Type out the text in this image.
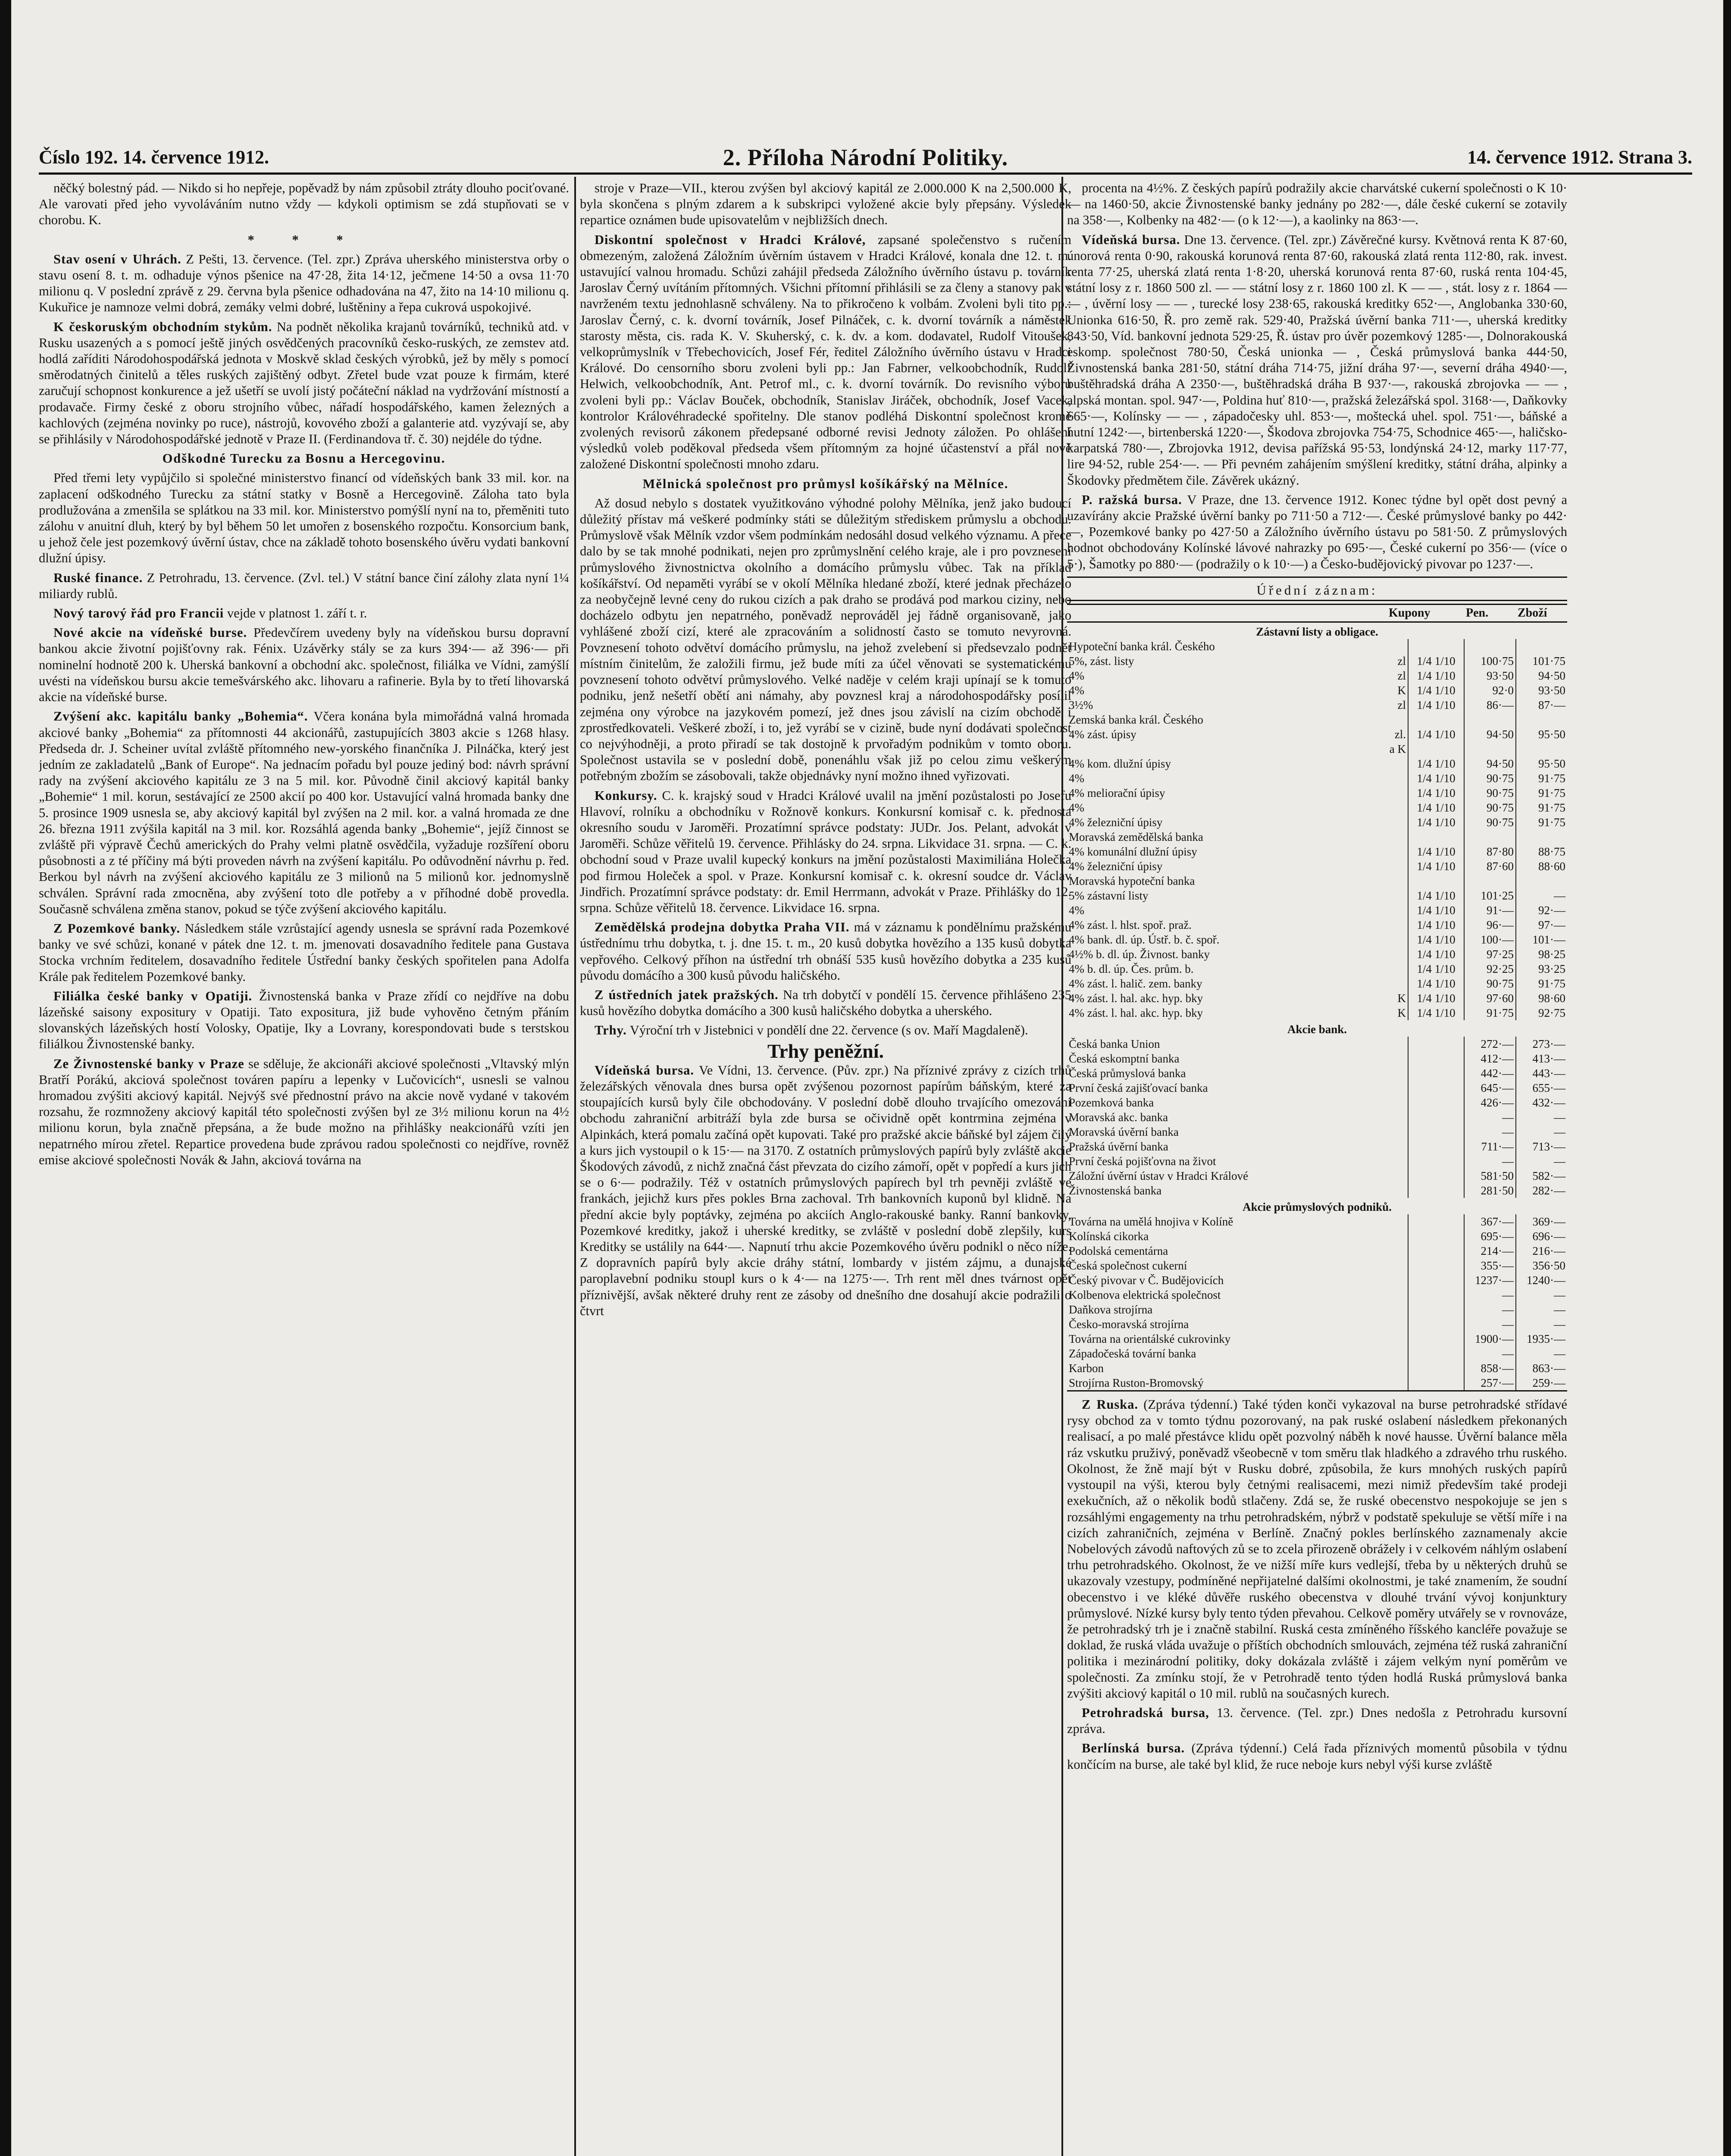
Číslo 192. 14. července 1912.	2. Příloha Národní Politiky.	14. července 1912. Strana 3.

něčký bolestný pád. — Nikdo si ho nepřeje, popěvadž by nám způsobil ztráty dlouho pociťované. Ale varovati před jeho vyvoláváním nutno vždy — kdykoli optimism se zdá stupňovati se v chorobu. K.

* * *

Stav osení v Uhrách. Z Pešti, 13. července. (Tel. zpr.) Zpráva uherského ministerstva orby o stavu osení 8. t. m. odhaduje výnos pšenice na 47·28, žita 14·12, ječmene 14·50 a ovsa 11·70 milionu q. V poslední zprávě z 29. června byla pšenice odhadována na 47, žito na 14·10 milionu q. Kukuřice je namnoze velmi dobrá, zemáky velmi dobré, luštěniny a řepa cukrová uspokojivé.

K českoruským obchodním stykům. Na podnět několika krajanů továrníků, techniků atd. v Rusku usazených a s pomocí ještě jiných osvědčených pracovníků česko-ruských, ze zemstev atd. hodlá zaříditi Národohospodářská jednota v Moskvě sklad českých výrobků, jež by měly s pomocí směrodatných činitelů a těles ruských zajištěný odbyt. Zřetel bude vzat pouze k firmám, které zaručují schopnost konkurence a jež ušetří se uvolí jistý počáteční náklad na vydržování místností a prodavače. Firmy české z oboru strojního vůbec, nářadí hospodářského, kamen železných a kachlových (zejména novinky po ruce), nástrojů, kovového zboží a galanterie atd. vyzývají se, aby se přihlásily v Národohospodářské jednotě v Praze II. (Ferdinandova tř. č. 30) nejdéle do týdne.

Odškodné Turecku za Bosnu a Hercegovinu.

Před třemi lety vypůjčilo si společné ministerstvo financí od vídeňských bank 33 mil. kor. na zaplacení odškodného Turecku za státní statky v Bosně a Hercegovině. Záloha tato byla prodlužována a zmenšila se splátkou na 33 mil. kor. Ministerstvo pomýšlí nyní na to, přeměniti tuto zálohu v anuitní dluh, který by byl během 50 let umořen z bosenského rozpočtu. Konsorcium bank, u jehož čele jest pozemkový úvěrní ústav, chce na základě tohoto bosenského úvěru vydati bankovní dlužní úpisy.

Ruské finance. Z Petrohradu, 13. července. (Zvl. tel.) V státní bance činí zálohy zlata nyní 1¼ miliardy rublů.

Nový tarový řád pro Francii vejde v platnost 1. září t. r.

Nové akcie na vídeňské burse. Předevčírem uvedeny byly na vídeňskou bursu dopravní bankou akcie životní pojišťovny rak. Fénix. Uzávěrky stály se za kurs 394·— až 396·— při nominelní hodnotě 200 k. Uherská bankovní a obchodní akc. společnost, filiálka ve Vídni, zamýšlí uvésti na vídeňskou bursu akcie temešvárského akc. lihovaru a rafinerie. Byla by to třetí lihovarská akcie na vídeňské burse.

Zvýšení akc. kapitálu banky „Bohemia“. Včera konána byla mimořádná valná hromada akciové banky „Bohemia“ za přítomnosti 44 akcionářů, zastupujících 3803 akcie s 1268 hlasy. Předseda dr. J. Scheiner uvítal zvláště přítomného new-yorského finančníka J. Pilnáčka, který jest jedním ze zakladatelů „Bank of Europe“. Na jednacím pořadu byl pouze jediný bod: návrh správní rady na zvýšení akciového kapitálu ze 3 na 5 mil. kor. Původně činil akciový kapitál banky „Bohemie“ 1 mil. korun, sestávající ze 2500 akcií po 400 kor. Ustavující valná hromada banky dne 5. prosince 1909 usnesla se, aby akciový kapitál byl zvýšen na 2 mil. kor. a valná hromada ze dne 26. března 1911 zvýšila kapitál na 3 mil. kor. Rozsáhlá agenda banky „Bohemie“, jejíž činnost se zvláště při výpravě Čechů amerických do Prahy velmi platně osvědčila, vyžaduje rozšíření oboru působnosti a z té příčiny má býti proveden návrh na zvýšení kapitálu. Po odůvodnění návrhu p. řed. Berkou byl návrh na zvýšení akciového kapitálu ze 3 milionů na 5 milionů kor. jednomyslně schválen. Správní rada zmocněna, aby zvýšení toto dle potřeby a v příhodné době provedla. Současně schválena změna stanov, pokud se týče zvýšení akciového kapitálu.

Z Pozemkové banky. Následkem stále vzrůstající agendy usnesla se správní rada Pozemkové banky ve své schůzi, konané v pátek dne 12. t. m. jmenovati dosavadního ředitele pana Gustava Stocka vrchním ředitelem, dosavadního ředitele Ústřední banky českých spořitelen pana Adolfa Krále pak ředitelem Pozemkové banky.

Filiálka české banky v Opatiji. Živnostenská banka v Praze zřídí co nejdříve na dobu lázeňské saisony expositury v Opatiji. Tato expositura, již bude vyhověno četným přáním slovanských lázeňských hostí Volosky, Opatije, Iky a Lovrany, korespondovati bude s terstskou filiálkou Živnostenské banky.

Ze Živnostenské banky v Praze se sděluje, že akcionáři akciové společnosti „Vltavský mlýn Bratří Porákú, akciová společnost továren papíru a lepenky v Lučovicích“, usnesli se valnou hromadou zvýšiti akciový kapitál. Nejvýš své přednostní právo na akcie nově vydané v takovém rozsahu, že rozmnoženy akciový kapitál této společnosti zvýšen byl ze 3½ milionu korun na 4½ milionu korun, byla značně přepsána, a že bude možno na přihlášky neakcionářů vzíti jen nepatrného mírou zřetel. Repartice provedena bude zprávou radou společnosti co nejdříve, rovněž emise akciové společnosti Novák & Jahn, akciová továrna na

stroje v Praze—VII., kterou zvýšen byl akciový kapitál ze 2.000.000 K na 2,500.000 K, byla skončena s plným zdarem a k subskripci vyložené akcie byly přepsány. Výsledek repartice oznámen bude upisovatelům v nejbližších dnech.

Diskontní společnost v Hradci Králové, zapsané společenstvo s ručením obmezeným, založená Záložním úvěrním ústavem v Hradci Králové, konala dne 12. t. m. ustavující valnou hromadu. Schůzi zahájil předseda Záložního úvěrního ústavu p. továrník Jaroslav Černý uvítáním přítomných. Všichni přítomní přihlásili se za členy a stanovy pak v navrženém textu jednohlasně schváleny. Na to přikročeno k volbám. Zvoleni byli tito pp.: Jaroslav Černý, c. k. dvorní továrník, Josef Pilnáček, c. k. dvorní továrník a náměstek starosty města, cis. rada K. V. Skuherský, c. k. dv. a kom. dodavatel, Rudolf Vitoušek, velkoprůmyslník v Třebechovicích, Josef Fér, ředitel Záložního úvěrního ústavu v Hradci Králové. Do censorního sboru zvoleni byli pp.: Jan Fabrner, velkoobchodník, Rudolf Helwich, velkoobchodník, Ant. Petrof ml., c. k. dvorní továrník. Do revisního výboru zvoleni byli pp.: Václav Bouček, obchodník, Stanislav Jiráček, obchodník, Josef Vacek, kontrolor Královéhradecké spořitelny. Dle stanov podléhá Diskontní společnost kromě zvolených revisorů zákonem předepsané odborné revisi Jednoty záložen. Po ohlášení výsledků voleb poděkoval předseda všem přítomným za hojné účastenství a přál nově založené Diskontní společnosti mnoho zdaru.

Mělnická společnost pro průmysl košíkářský na Mělníce.

Až dosud nebylo s dostatek využitkováno výhodné polohy Mělníka, jenž jako budoucí důležitý přístav má veškeré podmínky státi se důležitým střediskem průmyslu a obchodu. Průmyslově však Mělník vzdor všem podmínkám nedosáhl dosud velkého významu. A přece dalo by se tak mnohé podnikati, nejen pro zprůmyslnění celého kraje, ale i pro povznesení průmyslového živnostnictva okolního a domácího průmyslu vůbec. Tak na příklad košíkářství. Od nepaměti vyrábí se v okolí Mělníka hledané zboží, které jednak přecházelo za neobyčejně levné ceny do rukou cizích a pak draho se prodává pod markou ciziny, nebo docházelo odbytu jen nepatrného, poněvadž neprováděl jej řádně organisovaně, jako vyhlášené zboží cizí, které ale zpracováním a solidností často se tomuto nevyrovná. Povznesení tohoto odvětví domácího průmyslu, na jehož zvelebení si předsevzalo podnět místním činitelům, že založili firmu, jež bude míti za účel věnovati se systematickému povznesení tohoto odvětví průmyslového. Velké naděje v celém kraji upínají se k tomuto podniku, jenž nešetří obětí ani námahy, aby povznesl kraj a národohospodářsky posílil zejména ony výrobce na jazykovém pomezí, jež dnes jsou závislí na cizím obchodě i zprostředkovateli. Veškeré zboží, i to, jež vyrábí se v cizině, bude nyní dodávati společnost co nejvýhodněji, a proto přiradí se tak dostojně k prvořadým podnikům v tomto oboru. Společnost ustavila se v poslední době, ponenáhlu však již po celou zimu veškerým potřebným zbožím se zásobovali, takže objednávky nyní možno ihned vyřizovati.

Konkursy. C. k. krajský soud v Hradci Králové uvalil na jmění pozůstalosti po Josefu Hlavoví, rolníku a obchodníku v Rožnově konkurs. Konkursní komisař c. k. přednosta okresního soudu v Jaroměři. Prozatímní správce podstaty: JUDr. Jos. Pelant, advokát v Jaroměři. Schůze věřitelů 19. července. Přihlásky do 24. srpna. Likvidace 31. srpna. — C. k. obchodní soud v Praze uvalil kupecký konkurs na jmění pozůstalosti Maximiliána Holečka pod firmou Holeček a spol. v Praze. Konkursní komisař c. k. okresní soudce dr. Václav Jindřich. Prozatímní správce podstaty: dr. Emil Herrmann, advokát v Praze. Přihlášky do 12. srpna. Schůze věřitelů 18. července. Likvidace 16. srpna.

Zemědělská prodejna dobytka Praha VII. má v záznamu k pondělnímu pražskému ústřednímu trhu dobytka, t. j. dne 15. t. m., 20 kusů dobytka hovězího a 135 kusů dobytka vepřového. Celkový příhon na ústřední trh obnáší 535 kusů hovězího dobytka a 235 kusů původu domácího a 300 kusů původu haličského.

Z ústředních jatek pražských. Na trh dobytčí v pondělí 15. července přihlášeno 235 kusů hovězího dobytka domácího a 300 kusů haličského dobytka a uherského.

Trhy. Výroční trh v Jistebnici v pondělí dne 22. července (s ov. Maří Magdaleně).

Trhy peněžní.

Vídeňská bursa. Ve Vídni, 13. července. (Pův. zpr.) Na příznivé zprávy z cizích trhů železářských věnovala dnes bursa opět zvýšenou pozornost papírům báňským, které za stoupajících kursů byly čile obchodovány. V poslední době dlouho trvajícího omezování obchodu zahraniční arbitráží byla zde bursa se očividně opět kontrmina zejména v Alpinkách, která pomalu začíná opět kupovati. Také pro pražské akcie báňské byl zájem čilý a kurs jich vystoupil o k 15·— na 3170. Z ostatních průmyslových papírů byly zvláště akcie Škodových závodů, z nichž značná část převzata do cizího zámoří, opět v popředí a kurs jich se o 6·— podražily. Též v ostatních průmyslových papírech byl trh pevněji zvláště ve frankách, jejichž kurs přes pokles Brna zachoval. Trh bankovních kuponů byl klidně. Na přední akcie byly poptávky, zejména po akciích Anglo-rakouské banky. Ranní bankovky, Pozemkové kreditky, jakož i uherské kreditky, se zvláště v poslední době zlepšily, kurs Kreditky se ustálily na 644·—. Napnutí trhu akcie Pozemkového úvěru podnikl o něco níže. Z dopravních papírů byly akcie dráhy státní, lombardy v jistém zájmu, a dunajské paroplavební podniku stoupl kurs o k 4·— na 1275·—. Trh rent měl dnes tvárnost opět příznivější, avšak některé druhy rent ze zásoby od dnešního dne dosahují akcie podražili o čtvrt

procenta na 4½%. Z českých papírů podražily akcie charvátské cukerní společnosti o K 10·— na 1460·50, akcie Živnostenské banky jednány po 282·—, dále české cukerní se zotavily na 358·—, Kolbenky na 482·— (o k 12·—), a kaolinky na 863·—.

Vídeňská bursa. Dne 13. července. (Tel. zpr.) Závěrečné kursy. Květnová renta K 87·60, únorová renta 0·90, rakouská korunová renta 87·60, rakouská zlatá renta 112·80, rak. invest. renta 77·25, uherská zlatá renta 1·8·20, uherská korunová renta 87·60, ruská renta 104·45, státní losy z r. 1860 500 zl. — — státní losy z r. 1860 100 zl. K — — , stát. losy z r. 1864 — — , úvěrní losy — — , turecké losy 238·65, rakouská kreditky 652·—, Anglobanka 330·60, Unionka 616·50, Ř. pro země rak. 529·40, Pražská úvěrní banka 711·—, uherská kreditky 843·50, Víd. bankovní jednota 529·25, Ř. ústav pro úvěr pozemkový 1285·—, Dolnorakouská eskomp. společnost 780·50, Česká unionka — , Česká průmyslová banka 444·50, Živnostenská banka 281·50, státní dráha 714·75, jižní dráha 97·—, severní dráha 4940·—, buštěhradská dráha A 2350·—, buštěhradská dráha B 937·—, rakouská zbrojovka — — , alpská montan. spol. 947·—, Poldina huť 810·—, pražská železářská spol. 3168·—, Daňkovky 665·—, Kolínsky — — , západočesky uhl. 853·—, moštecká uhel. spol. 751·—, báňské a hutní 1242·—, birtenberská 1220·—, Škodova zbrojovka 754·75, Schodnice 465·—, haličsko-karpatská 780·—, Zbrojovka 1912, devisa pařížská 95·53, londýnská 24·12, marky 117·77, lire 94·52, ruble 254·—. — Při pevném zahájením smýšlení kreditky, státní dráha, alpinky a Škodovky předmětem čile. Závěrek ukázný.

P. ražská bursa. V Praze, dne 13. července 1912. Konec týdne byl opět dost pevný a uzavírány akcie Pražské úvěrní banky po 711·50 a 712·—. České průmyslové banky po 442·—, Pozemkové banky po 427·50 a Záložního úvěrního ústavu po 581·50. Z průmyslových hodnot obchodovány Kolínské lávové nahrazky po 695·—, České cukerní po 356·— (více o 5·), Šamotky po 880·— (podražily o k 10·—) a Česko-budějovický pivovar po 1237·—.

Úřední záznam:
	Kupony		Pen.	Zboží
Zástavní listy a obligace.				
Hypoteční banka král. Českého				
5%, zást. listy	zl	1/4 1/10	100·75	101·75
4%	zl	1/4 1/10	93·50	94·50
4%	K	1/4 1/10	92·0	93·50
3½%	zl	1/4 1/10	86·—	87·—
Zemská banka král. Českého				
4% zást. úpisy	zl. a K	1/4 1/10	94·50	95·50
4% kom. dlužní úpisy		1/4 1/10	94·50	95·50
4%		1/4 1/10	90·75	91·75
4% meliorační úpisy		1/4 1/10	90·75	91·75
4%		1/4 1/10	90·75	91·75
4% železniční úpisy		1/4 1/10	90·75	91·75
Moravská zemědělská banka				
4% komunální dlužní úpisy		1/4 1/10	87·80	88·75
4% železniční úpisy		1/4 1/10	87·60	88·60
Moravská hypoteční banka				
5% zástavní listy		1/4 1/10	101·25	—
4%		1/4 1/10	91·—	92·—
4% zást. l. hlst. spoř. praž.		1/4 1/10	96·—	97·—
4% bank. dl. úp. Ústř. b. č. spoř.		1/4 1/10	100·—	101·—
4½% b. dl. úp. Živnost. banky		1/4 1/10	97·25	98·25
4% b. dl. úp. Čes. prům. b.		1/4 1/10	92·25	93·25
4% zást. l. halič. zem. banky		1/4 1/10	90·75	91·75
4% zást. l. hal. akc. hyp. bky	K	1/4 1/10	97·60	98·60
4% zást. l. hal. akc. hyp. bky	K	1/4 1/10	91·75	92·75
Akcie bank.				
Česká banka Union			272·—	273·—
Česká eskomptní banka			412·—	413·—
Česká průmyslová banka			442·—	443·—
První česká zajišťovací banka			645·—	655·—
Pozemková banka			426·—	432·—
Moravská akc. banka			—	—
Moravská úvěrní banka			—	—
Pražská úvěrní banka			711·—	713·—
První česká pojišťovna na život			—	—
Záložní úvěrní ústav v Hradci Králové			581·50	582·—
Živnostenská banka			281·50	282·—
Akcie průmyslových podniků.				
Továrna na umělá hnojiva v Kolíně			367·—	369·—
Kolínská cikorka			695·—	696·—
Podolská cementárna			214·—	216·—
Česká společnost cukerní			355·—	356·50
Český pivovar v Č. Budějovicích			1237·—	1240·—
Kolbenova elektrická společnost			—	—
Daňkova strojírna			—	—
Česko-moravská strojírna			—	—
Továrna na orientálské cukrovinky			1900·—	1935·—
Západočeská tovární banka			—	—
Karbon			858·—	863·—
Strojírna Ruston-Bromovský			257·—	259·—

Z Ruska. (Zpráva týdenní.) Také týden konči vykazoval na burse petrohradské střídavé rysy obchod za v tomto týdnu pozorovaný, na pak ruské oslabení následkem překonaných realisací, a po malé přestávce klidu opět pozvolný náběh k nové hausse. Úvěrní balance měla ráz vskutku pruživý, poněvadž všeobecně v tom směru tlak hladkého a zdravého trhu ruského. Okolnost, že žně mají být v Rusku dobré, způsobila, že kurs mnohých ruských papírů vystoupil na výši, kterou byly četnými realisacemi, mezi nimiž především také prodeji exekučních, až o několik bodů stlačeny. Zdá se, že ruské obecenstvo nespokojuje se jen s rozsáhlými engagementy na trhu petrohradském, nýbrž v podstatě spekuluje se větší míře i na cizích zahraničních, zejména v Berlíně. Značný pokles berlínského zaznamenaly akcie Nobelových závodů naftových zů se to zcela přirozeně obrážely i v celkovém náhlým oslabení trhu petrohradského. Okolnost, že ve nižší míře kurs vedlejší, třeba by u některých druhů se ukazovaly vzestupy, podmíněné nepřijatelné dalšími okolnostmi, je také znamením, že soudní obecenstvo i ve kléké důvěře ruského obecenstva v dlouhé trvání vývoj konjunktury průmyslové. Nízké kursy byly tento týden převahou. Celkově poměry utvářely se v rovnováze, že petrohradský trh je i značně stabilní. Ruská cesta zmíněného říšského kancléře považuje se doklad, že ruská vláda uvažuje o příštích obchodních smlouvách, zejména též ruská zahraniční politika i mezinárodní politiky, doky dokázala zvláště i zájem velkým nyní poměrům ve společnosti. Za zmínku stojí, že v Petrohradě tento týden hodlá Ruská průmyslová banka zvýšiti akciový kapitál o 10 mil. rublů na současných kurech.

Petrohradská bursa, 13. července. (Tel. zpr.) Dnes nedošla z Petrohradu kursovní zpráva.

Berlínská bursa. (Zpráva týdenní.) Celá řada příznivých momentů působila v týdnu končícím na burse, ale také byl klid, že ruce neboje kurs nebyl výši kurse zvláště
